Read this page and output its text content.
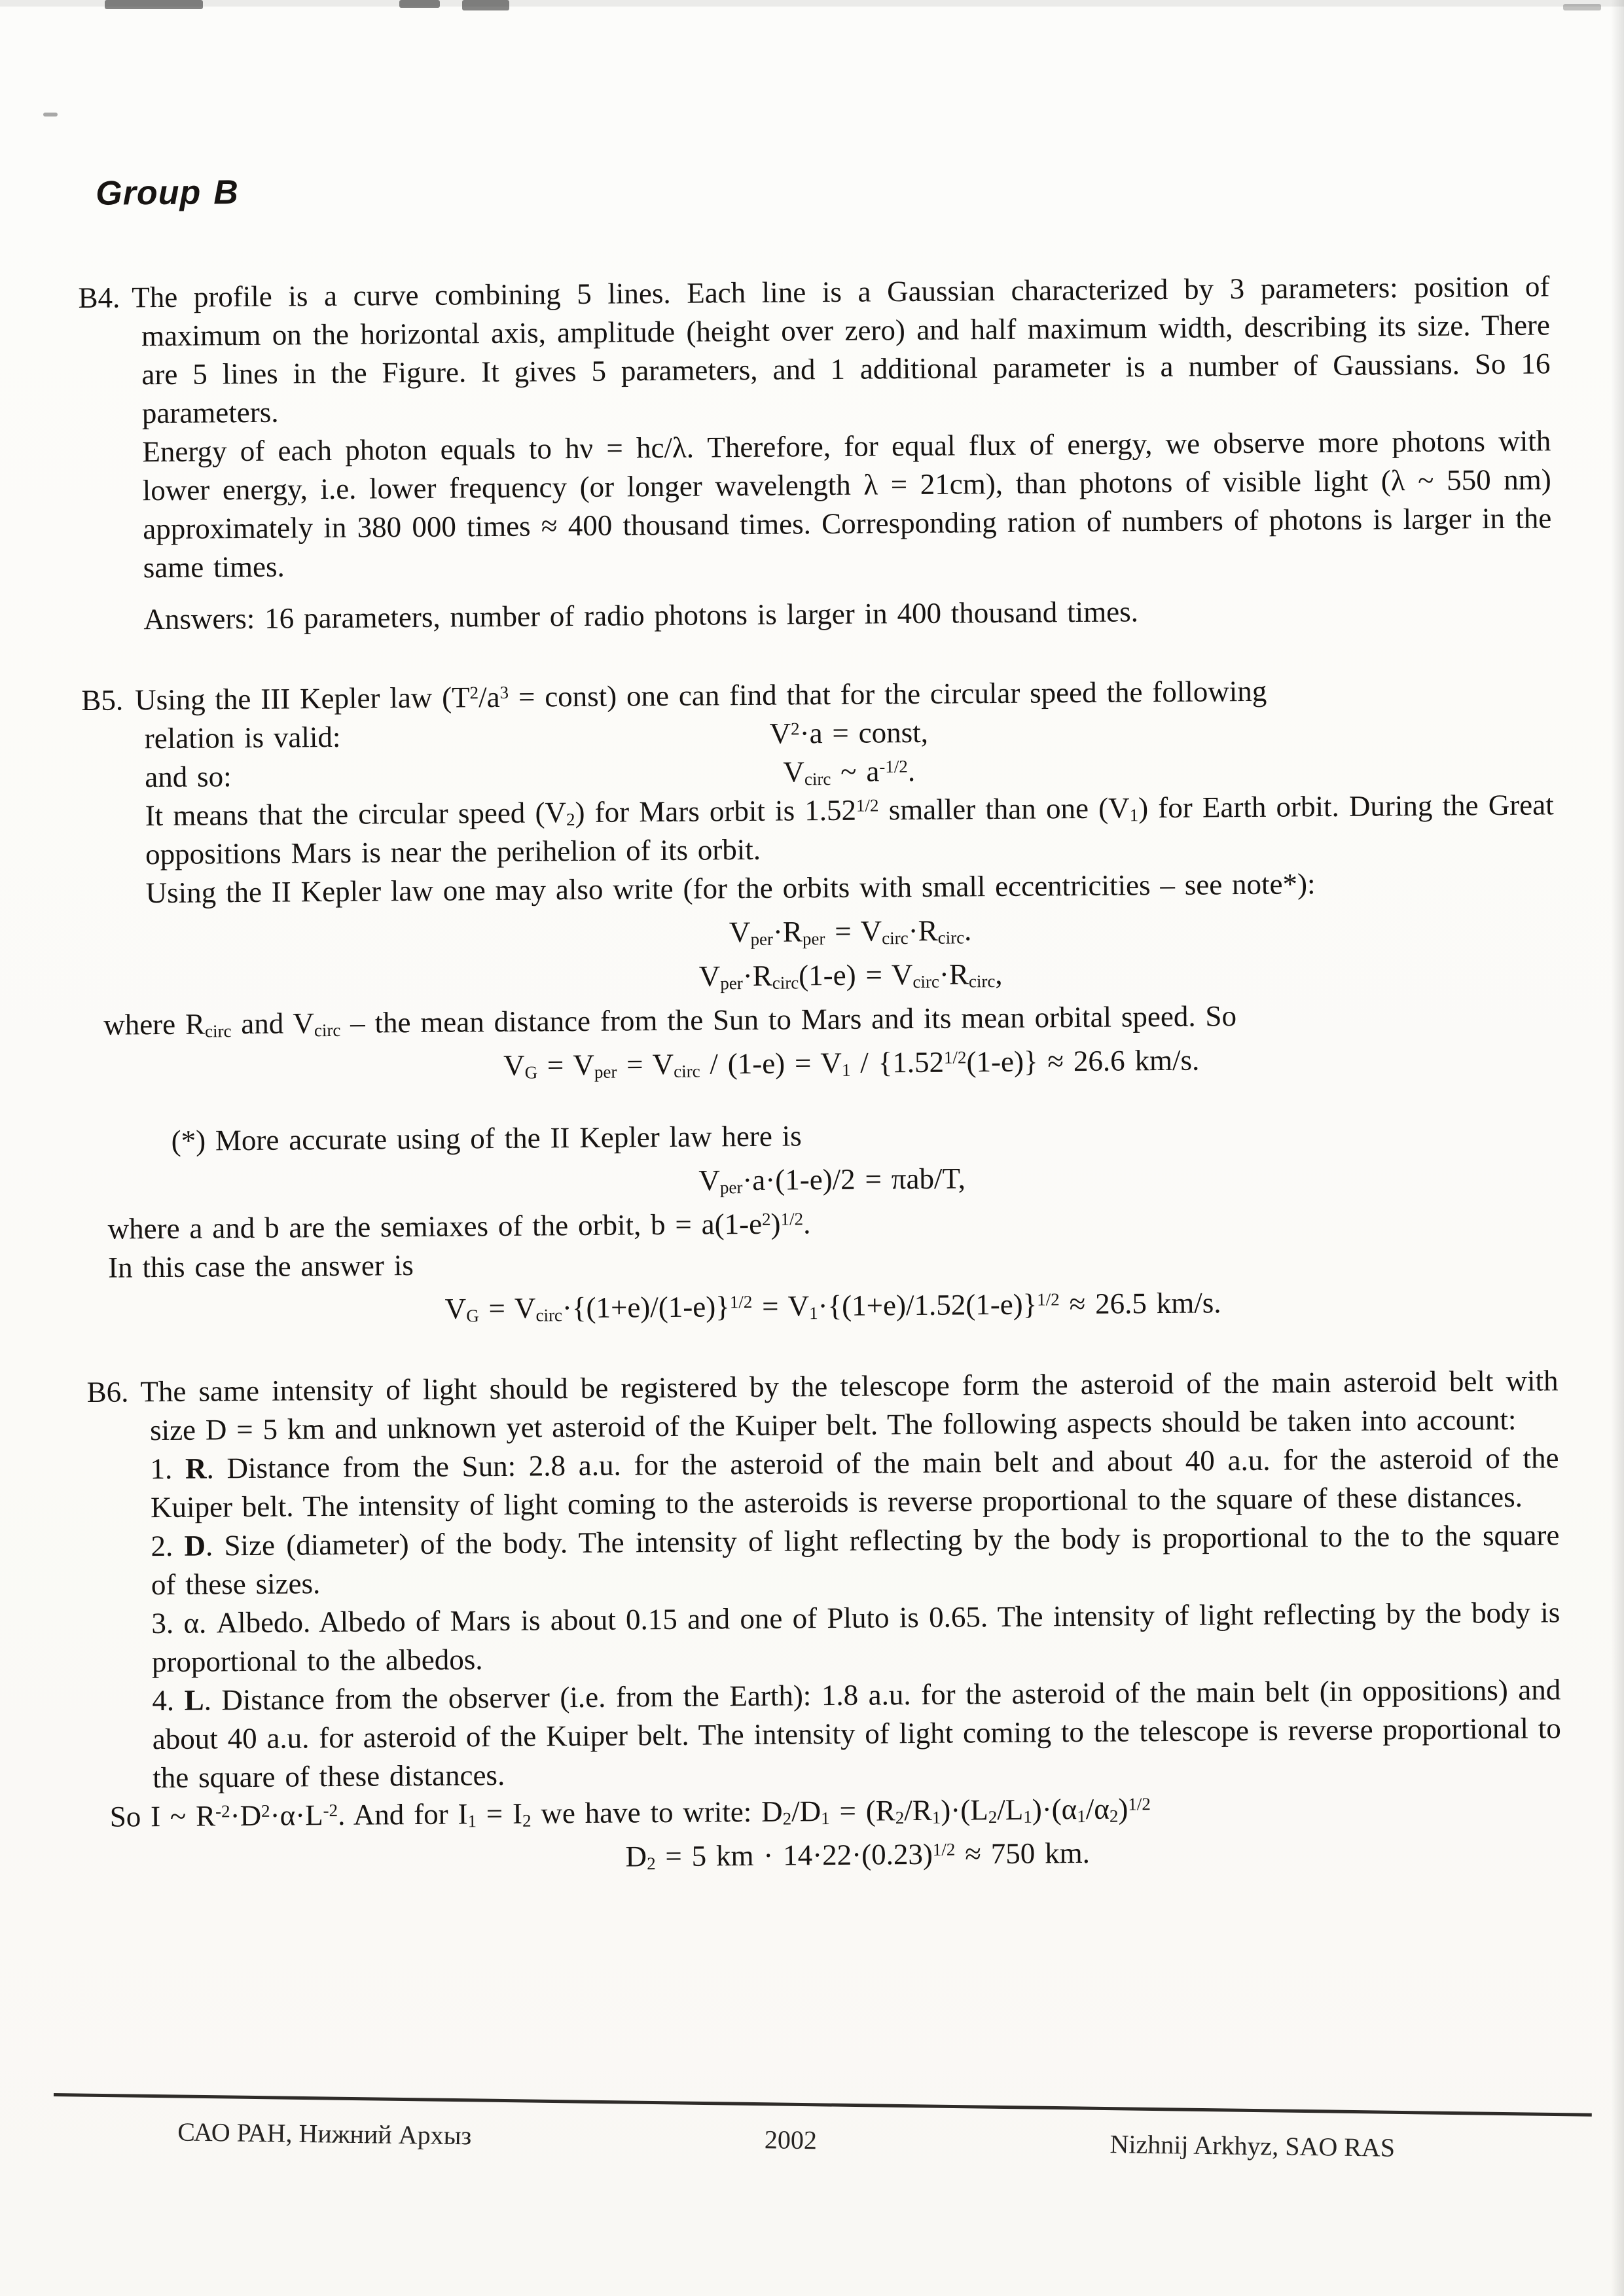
Group B

B4. The profile is a curve combining 5 lines. Each line is a Gaussian characterized by 3 parameters: position of maximum on the horizontal axis, amplitude (height over zero) and half maximum width, describing its size. There are 5 lines in the Figure. It gives 5 parameters, and 1 additional parameter is a number of Gaussians. So 16 parameters.

Energy of each photon equals to hν = hc/λ. Therefore, for equal flux of energy, we observe more photons with lower energy, i.e. lower frequency (or longer wavelength λ = 21cm), than photons of visible light (λ ~ 550 nm) approximately in 380 000 times ≈ 400 thousand times. Corresponding ration of numbers of photons is larger in the same times.

Answers: 16 parameters, number of radio photons is larger in 400 thousand times.

B5. Using the III Kepler law ($T^2/a^3$ = const) one can find that for the circular speed the following

relation is valid:	$V^2\cdot a$ = const,
and so:	$V_{circ}$ ~ $a^{-1/2}$.

It means that the circular speed $(V_2)$ for Mars orbit is $1.52^{1/2}$ smaller than one $(V_1)$ for Earth orbit. During the Great oppositions Mars is near the perihelion of its orbit.

Using the II Kepler law one may also write (for the orbits with small eccentricities – see note*):

$V_{per}\cdot R_{per} = V_{circ}\cdot R_{circ}$.
$V_{per}\cdot R_{circ}(1-e) = V_{circ}\cdot R_{circ}$,

where $R_{circ}$ and $V_{circ}$ – the mean distance from the Sun to Mars and its mean orbital speed. So

$V_G = V_{per} = V_{circ} / (1-e) = V_1 / \{1.52^{1/2}(1-e)\} \approx 26.6$ km/s.

(*) More accurate using of the II Kepler law here is

$V_{per}\cdot a\cdot(1-e)/2 = \pi ab/T$,

where a and b are the semiaxes of the orbit, $b = a(1-e^2)^{1/2}$.

In this case the answer is

$V_G = V_{circ}\cdot\{(1+e)/(1-e)\}^{1/2} = V_1\cdot\{(1+e)/1.52(1-e)\}^{1/2} \approx 26.5$ km/s.

B6. The same intensity of light should be registered by the telescope form the asteroid of the main asteroid belt with size D = 5 km and unknown yet asteroid of the Kuiper belt. The following aspects should be taken into account:

1. R. Distance from the Sun: 2.8 a.u. for the asteroid of the main belt and about 40 a.u. for the asteroid of the Kuiper belt. The intensity of light coming to the asteroids is reverse proportional to the square of these distances.

2. D. Size (diameter) of the body. The intensity of light reflecting by the body is proportional to the to the square of these sizes.

3. α. Albedo. Albedo of Mars is about 0.15 and one of Pluto is 0.65. The intensity of light reflecting by the body is proportional to the albedos.

4. L. Distance from the observer (i.e. from the Earth): 1.8 a.u. for the asteroid of the main belt (in oppositions) and about 40 a.u. for asteroid of the Kuiper belt. The intensity of light coming to the telescope is reverse proportional to the square of these distances.

So I ~ $R^{-2}\cdot D^2\cdot\alpha\cdot L^{-2}$. And for $I_1 = I_2$ we have to write: $D_2/D_1 = (R_2/R_1)\cdot(L_2/L_1)\cdot(\alpha_1/\alpha_2)^{1/2}$

$D_2 = 5$ km · $14\cdot 22\cdot(0.23)^{1/2} \approx 750$ km.
САО РАН, Нижний Архыз	2002	Nizhnij Arkhyz, SAO RAS
